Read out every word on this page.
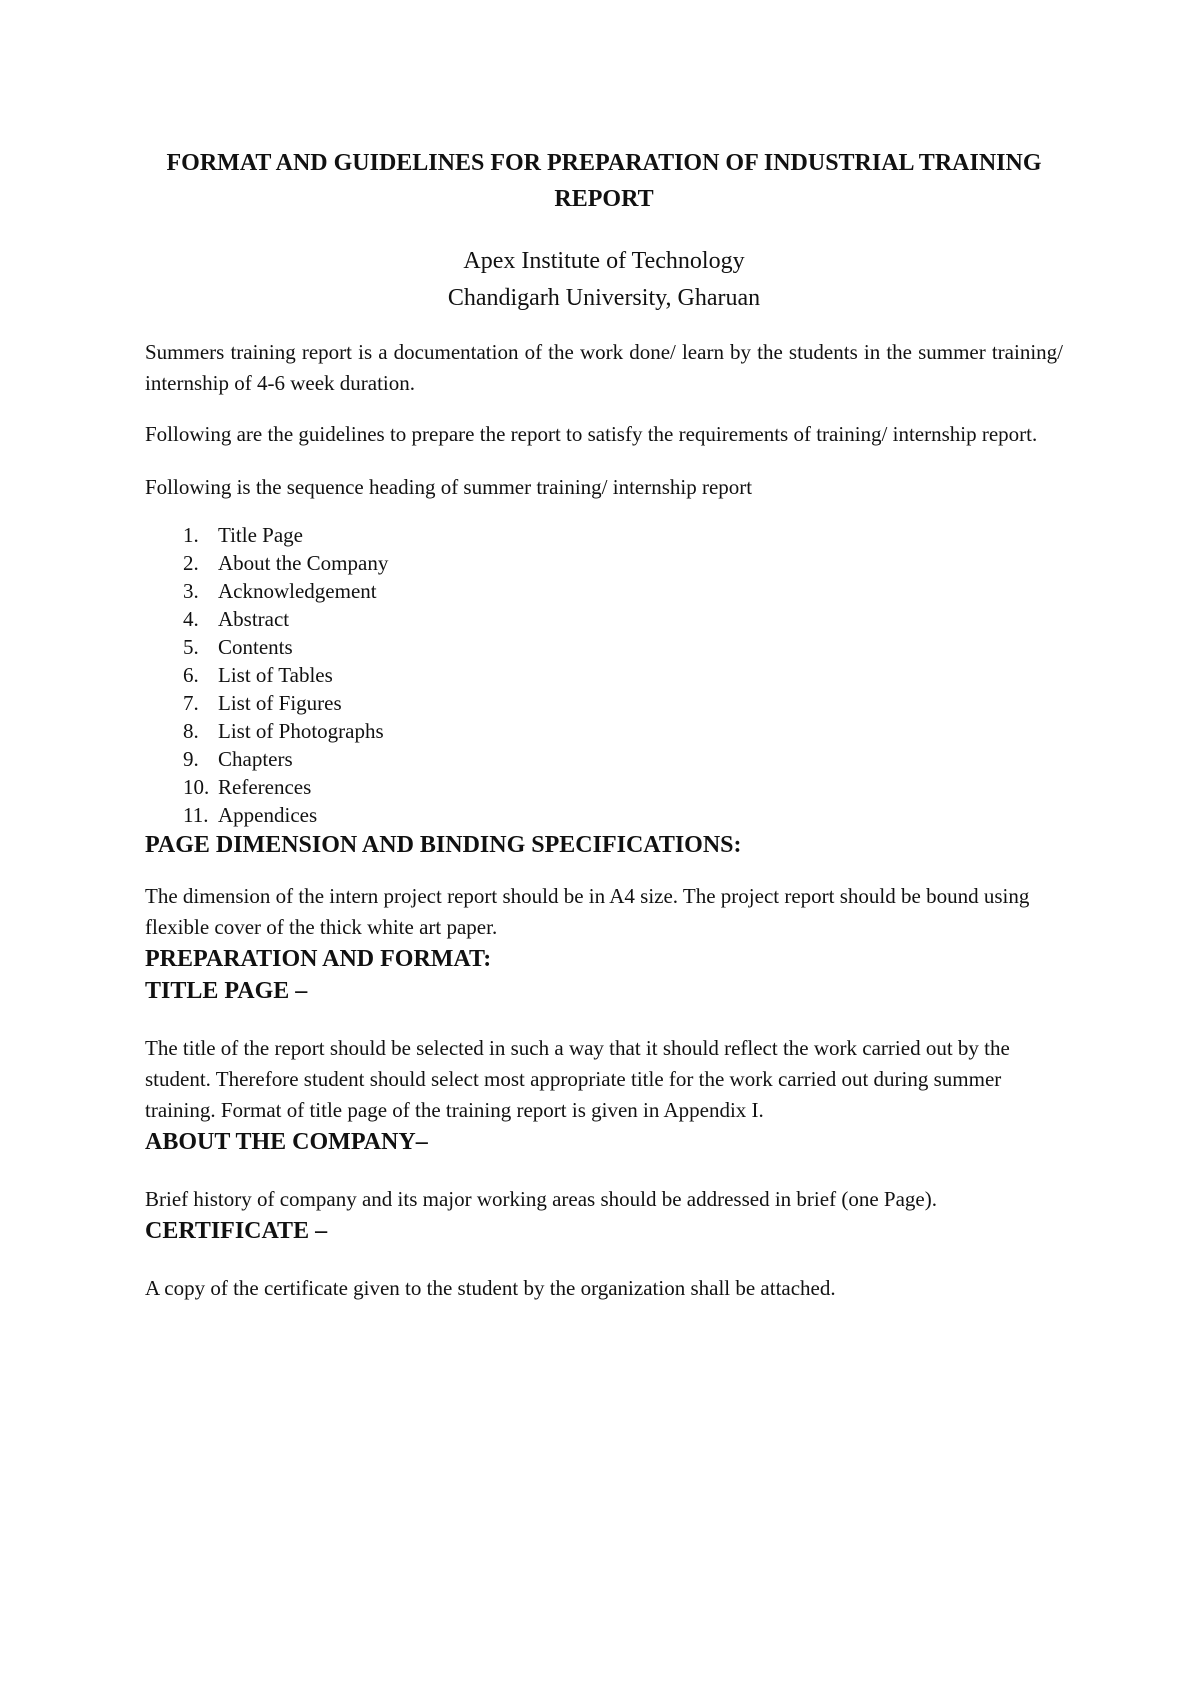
FORMAT AND GUIDELINES FOR PREPARATION OF INDUSTRIAL TRAINING REPORT
Apex Institute of Technology
Chandigarh University, Gharuan

Summers training report is a documentation of the work done/ learn by the students in the summer training/ internship of 4-6 week duration.

Following are the guidelines to prepare the report to satisfy the requirements of training/ internship report.

Following is the sequence heading of summer training/ internship report

1. Title Page
2. About the Company
3. Acknowledgement
4. Abstract
5. Contents
6. List of Tables
7. List of Figures
8. List of Photographs
9. Chapters
10. References
11. Appendices
PAGE DIMENSION AND BINDING SPECIFICATIONS:

The dimension of the intern project report should be in A4 size. The project report should be bound using flexible cover of the thick white art paper.

PREPARATION AND FORMAT:
TITLE PAGE –

The title of the report should be selected in such a way that it should reflect the work carried out by the student. Therefore student should select most appropriate title for the work carried out during summer training. Format of title page of the training report is given in Appendix I.

ABOUT THE COMPANY–

Brief history of company and its major working areas should be addressed in brief (one Page).

CERTIFICATE –

A copy of the certificate given to the student by the organization shall be attached.
